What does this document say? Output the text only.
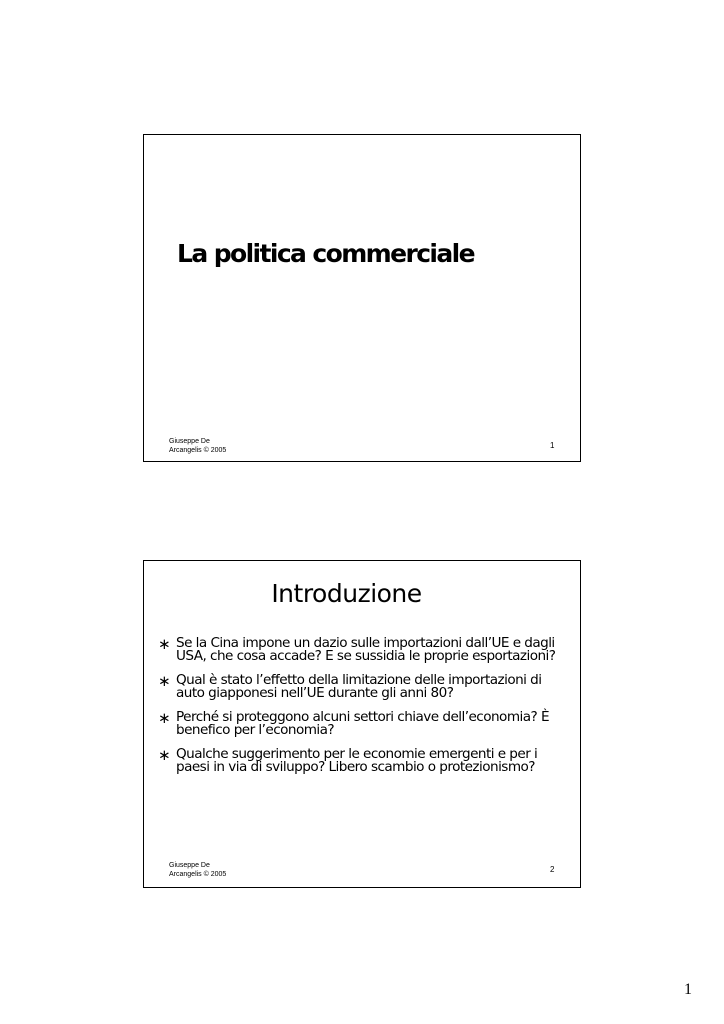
La politica commerciale
Giuseppe De
Arcangelis © 2005
1
Introduzione
∗ Se la Cina impone un dazio sulle importazioni dall’UE e dagli USA, che cosa accade? E se sussidia le proprie esportazioni?
∗ Qual è stato l’effetto della limitazione delle importazioni di auto giapponesi nell’UE durante gli anni 80?
∗ Perché si proteggono alcuni settori chiave dell’economia? È benefico per l’economia?
∗ Qualche suggerimento per le economie emergenti e per i paesi in via di sviluppo? Libero scambio o protezionismo?
Giuseppe De
Arcangelis © 2005
2
1
